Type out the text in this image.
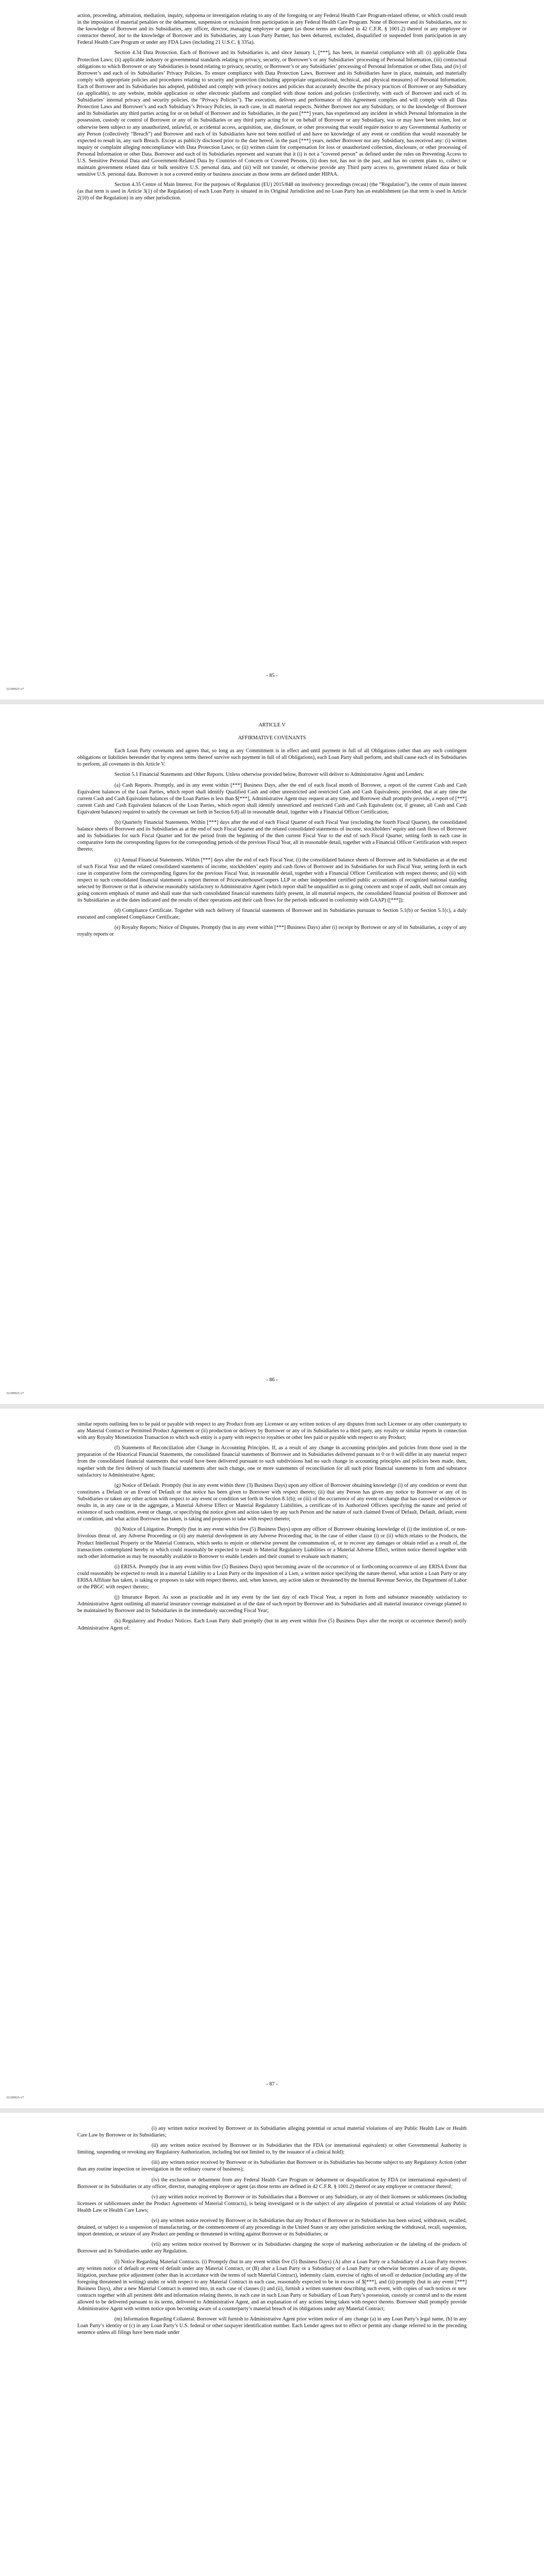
action, proceeding, arbitration, mediation, inquiry, subpoena or investigation relating to any of the foregoing or any Federal Health Care Program-related offense, or which could result in the imposition of material penalties or the debarment, suspension or exclusion from participation in any Federal Health Care Program. None of Borrower and its Subsidiaries, nor to the knowledge of Borrower and its Subsidiaries, any officer, director, managing employee or agent (as those terms are defined in 42 C.F.R. § 1001.2) thereof or any employee or contractor thereof, nor to the knowledge of Borrower and its Subsidiaries, any Loan Party Partner, has been debarred, excluded, disqualified or suspended from participation in any Federal Health Care Program or under any FDA Laws (including 21 U.S.C. § 335a).

Section 4.34 Data Protection. Each of Borrower and its Subsidiaries is, and since January 1, [***], has been, in material compliance with all: (i) applicable Data Protection Laws; (ii) applicable industry or governmental standards relating to privacy, security, or Borrower’s or any Subsidiaries’ processing of Personal Information, (iii) contractual obligations to which Borrower or any Subsidiaries is bound relating to privacy, security, or Borrower’s or any Subsidiaries’ processing of Personal Information or other Data, and (iv) of Borrower’s and each of its Subsidiaries’ Privacy Policies. To ensure compliance with Data Protection Laws, Borrower and its Subsidiaries have in place, maintain, and materially comply with appropriate policies and procedures relating to security and protection (including appropriate organizational, technical, and physical measures) of Personal Information. Each of Borrower and its Subsidiaries has adopted, published and comply with privacy notices and policies that accurately describe the privacy practices of Borrower or any Subsidiary (as applicable), to any website, mobile application or other electronic platform and complied with those notices and policies (collectively, with each of Borrower and each of its Subsidiaries’ internal privacy and security policies, the “Privacy Policies”). The execution, delivery and performance of this Agreement complies and will comply with all Data Protection Laws and Borrower’s and each Subsidiary’s Privacy Policies, in each case, in all material respects. Neither Borrower nor any Subsidiary, or to the knowledge of Borrower and its Subsidiaries any third parties acting for or on behalf of Borrower and its Subsidiaries, in the past [***] years, has experienced any incident in which Personal Information in the possession, custody or control of Borrower or any of its Subsidiaries or any third party acting for or on behalf of Borrower or any Subsidiary, was or may have been stolen, lost or otherwise been subject to any unauthorized, unlawful, or accidental access, acquisition, use, disclosure, or other processing that would require notice to any Governmental Authority or any Person (collectively “Breach”) and Borrower and each of its Subsidiaries have not been notified of and have no knowledge of any event or condition that would reasonably be expected to result in, any such Breach. Except as publicly disclosed prior to the date hereof, in the past [***] years, neither Borrower nor any Subsidiary, has received any: (i) written inquiry or complaint alleging noncompliance with Data Protection Laws; or (ii) written claim for compensation for loss or unauthorized collection, disclosure, or other processing of Personal Information or other Data. Borrower and each of its Subsidiaries represent and warrant that it (i) is not a “covered person” as defined under the rules on Preventing Access to U.S. Sensitive Personal Data and Government-Related Data by Countries of Concern or Covered Persons, (ii) does not, has not in the past, and has no current plans to, collect or maintain government related data or bulk sensitive U.S. personal data, and (iii) will not transfer, or otherwise provide any Third party access to, government related data or bulk sensitive U.S. personal data. Borrower is not a covered entity or business associate as those terms are defined under HIPAA.

Section 4.35 Centre of Main Interest. For the purposes of Regulation (EU) 2015/848 on insolvency proceedings (recast) (the “Regulation”), the centre of main interest (as that term is used in Article 3(1) of the Regulation) of each Loan Party is situated in its Original Jurisdiction and no Loan Party has an establishment (as that term is used in Article 2(10) of the Regulation) in any other jurisdiction.

- 85 -
32109925 v7
ARTICLE V
AFFIRMATIVE COVENANTS

Each Loan Party covenants and agrees that, so long as any Commitment is in effect and until payment in full of all Obligations (other than any such contingent obligations or liabilities hereunder that by express terms thereof survive such payment in full of all Obligations), each Loan Party shall perform, and shall cause each of its Subsidiaries to perform, all covenants in this Article V.

Section 5.1 Financial Statements and Other Reports. Unless otherwise provided below, Borrower will deliver to Administrative Agent and Lenders:

(a) Cash Reports. Promptly, and in any event within [***] Business Days, after the end of each fiscal month of Borrower, a report of the current Cash and Cash Equivalent balances of the Loan Parties, which report shall identify Qualified Cash and other unrestricted and restricted Cash and Cash Equivalents; provided, that at any time the current Cash and Cash Equivalent balances of the Loan Parties is less than $[***], Administrative Agent may request at any time, and Borrower shall promptly provide, a report of [***] current Cash and Cash Equivalent balances of the Loan Parties, which report shall identify unrestricted and restricted Cash and Cash Equivalents (or, if greater, all Cash and Cash Equivalent balances) required to satisfy the covenant set forth in Section 6.8) all in reasonable detail, together with a Financial Officer Certification;

(b) Quarterly Financial Statements. Within [***] days after the end of each Fiscal Quarter of each Fiscal Year (excluding the fourth Fiscal Quarter), the consolidated balance sheets of Borrower and its Subsidiaries as at the end of such Fiscal Quarter and the related consolidated statements of income, stockholders’ equity and cash flows of Borrower and its Subsidiaries for such Fiscal Quarter and for the period from the beginning of the then current Fiscal Year to the end of such Fiscal Quarter, setting forth in each case in comparative form the corresponding figures for the corresponding periods of the previous Fiscal Year, all in reasonable detail, together with a Financial Officer Certification with respect thereto;

(c) Annual Financial Statements. Within [***] days after the end of each Fiscal Year, (i) the consolidated balance sheets of Borrower and its Subsidiaries as at the end of such Fiscal Year and the related consolidated statements of income, stockholders’ equity and cash flows of Borrower and its Subsidiaries for such Fiscal Year, setting forth in each case in comparative form the corresponding figures for the previous Fiscal Year, in reasonable detail, together with a Financial Officer Certification with respect thereto; and (ii) with respect to such consolidated financial statements a report thereon of PricewaterhouseCoopers LLP or other independent certified public accountants of recognized national standing selected by Borrower or that is otherwise reasonably satisfactory to Administrative Agent (which report shall be unqualified as to going concern and scope of audit, shall not contain any going concern emphasis of matter and shall state that such consolidated financial statements fairly present, in all material respects, the consolidated financial position of Borrower and its Subsidiaries as at the dates indicated and the results of their operations and their cash flows for the periods indicated in conformity with GAAP) ([***]);

(d) Compliance Certificate. Together with each delivery of financial statements of Borrower and its Subsidiaries pursuant to Section 5.1(b) or Section 5.1(c), a duly executed and completed Compliance Certificate;

(e) Royalty Reports; Notice of Disputes. Promptly (but in any event within [***] Business Days) after (i) receipt by Borrower or any of its Subsidiaries, a copy of any royalty reports or

- 86 -
32109925 v7

similar reports outlining fees to be paid or payable with respect to any Product from any Licensee or any written notices of any disputes from such Licensee or any other counterparty to any Material Contract or Permitted Product Agreement or (ii) production or delivery by Borrower or any of its Subsidiaries to a third party, any royalty or similar reports in connection with any Royalty Monetization Transaction to which such entity is a party with respect to royalties or other fees paid or payable with respect to any Product;

(f) Statements of Reconciliation after Change in Accounting Principles. If, as a result of any change in accounting principles and policies from those used in the preparation of the Historical Financial Statements, the consolidated financial statements of Borrower and its Subsidiaries delivered pursuant to 0 or 0 will differ in any material respect from the consolidated financial statements that would have been delivered pursuant to such subdivisions had no such change in accounting principles and policies been made, then, together with the first delivery of such financial statements after such change, one or more statements of reconciliation for all such prior financial statements in form and substance satisfactory to Administrative Agent;

(g) Notice of Default. Promptly (but in any event within three (3) Business Days) upon any officer of Borrower obtaining knowledge (i) of any condition or event that constitutes a Default or an Event of Default or that notice has been given to Borrower with respect thereto; (ii) that any Person has given any notice to Borrower or any of its Subsidiaries or taken any other action with respect to any event or condition set forth in Section 8.1(b); or (iii) of the occurrence of any event or change that has caused or evidences or results in, in any case or in the aggregate, a Material Adverse Effect or Material Regulatory Liabilities, a certificate of its Authorized Officers specifying the nature and period of existence of such condition, event or change, or specifying the notice given and action taken by any such Person and the nature of such claimed Event of Default, Default, default, event or condition, and what action Borrower has taken, is taking and proposes to take with respect thereto;

(h) Notice of Litigation. Promptly (but in any event within five (5) Business Days) upon any officer of Borrower obtaining knowledge of (i) the institution of, or non-frivolous threat of, any Adverse Proceeding or (ii) any material development in any Adverse Proceeding that, in the case of either clause (i) or (ii) which relates to the Products, the Product Intellectual Property or the Material Contracts, which seeks to enjoin or otherwise prevent the consummation of, or to recover any damages or obtain relief as a result of, the transactions contemplated hereby or which could reasonably be expected to result in Material Regulatory Liabilities or a Material Adverse Effect, written notice thereof together with such other information as may be reasonably available to Borrower to enable Lenders and their counsel to evaluate such matters;

(i) ERISA. Promptly (but in any event within five (5) Business Days) upon becoming aware of the occurrence of or forthcoming occurrence of any ERISA Event that could reasonably be expected to result in a material Liability to a Loan Party or the imposition of a Lien, a written notice specifying the nature thereof, what action a Loan Party or any ERISA Affiliate has taken, is taking or proposes to take with respect thereto, and, when known, any action taken or threatened by the Internal Revenue Service, the Department of Labor or the PBGC with respect thereto;

(j) Insurance Report. As soon as practicable and in any event by the last day of each Fiscal Year, a report in form and substance reasonably satisfactory to Administrative Agent outlining all material insurance coverage maintained as of the date of such report by Borrower and its Subsidiaries and all material insurance coverage planned to be maintained by Borrower and its Subsidiaries in the immediately succeeding Fiscal Year;

(k) Regulatory and Product Notices. Each Loan Party shall promptly (but in any event within five (5) Business Days after the receipt or occurrence thereof) notify Administrative Agent of:

- 87 -
32109925 v7

(i) any written notice received by Borrower or its Subsidiaries alleging potential or actual material violations of any Public Health Law or Health Care Law by Borrower or its Subsidiaries;

(ii) any written notice received by Borrower or its Subsidiaries that the FDA (or international equivalent) or other Governmental Authority is limiting, suspending or revoking any Regulatory Authorization, including but not limited to, by the issuance of a clinical hold);

(iii) any written notice received by Borrower or its Subsidiaries that Borrower or its Subsidiaries has become subject to any Regulatory Action (other than any routine inspection or investigation in the ordinary course of business);

(iv) the exclusion or debarment from any Federal Health Care Program or debarment or disqualification by FDA (or international equivalent) of Borrower or its Subsidiaries or any officer, director, managing employee or agent (as those terms are defined in 42 C.F.R. § 1001.2) thereof or any employee or contractor thereof;

(v) any written notice received by Borrower or its Subsidiaries that a Borrower or any Subsidiary, or any of their licensees or sublicensees (including licensees or sublicensees under the Product Agreements of Material Contracts), is being investigated or is the subject of any allegation of potential or actual violations of any Public Health Law or Health Care Laws;

(vi) any written notice received by Borrower or its Subsidiaries that any Product of Borrower or its Subsidiaries has been seized, withdrawn, recalled, detained, or subject to a suspension of manufacturing, or the commencement of any proceedings in the United States or any other jurisdiction seeking the withdrawal, recall, suspension, import detention, or seizure of any Product are pending or threatened in writing against Borrower or its Subsidiaries; or

(vii) any written notice received by Borrower or its Subsidiaries changing the scope of marketing authorization or the labeling of the products of Borrower and its Subsidiaries under any Regulation.

(l) Notice Regarding Material Contracts. (i) Promptly (but in any event within five (5) Business Days) (A) after a Loan Party or a Subsidiary of a Loan Party receives any written notice of default or event of default under any Material Contract, or (B) after a Loan Party or a Subsidiary of a Loan Party or otherwise becomes aware of any dispute, litigation, purchase price adjustment (other than in accordance with the terms of such Material Contract), indemnity claim, exercise of rights of set-off or deduction (including any of the foregoing threatened in writing) under or with respect to any Material Contract in each case, reasonably expected to be in excess of $[***], and (ii) promptly (but in any event [***] Business Days), after a new Material Contract is entered into, in each case of clauses (i) and (ii), furnish a written statement describing such event, with copies of such notices or new contracts together with all pertinent debt and information relating thereto, in each case in such Loan Party or Subsidiary of Loan Party’s possession, custody or control and to the extent allowed to be delivered pursuant to its terms, delivered to Administrative Agent, and an explanation of any actions being taken with respect thereto. Borrower shall promptly provide Administrative Agent with written notice upon becoming aware of a counterparty’s material breach of its obligations under any Material Contract;

(m) Information Regarding Collateral. Borrower will furnish to Administrative Agent prior written notice of any change (a) in any Loan Party’s legal name, (b) in any Loan Party’s identity or (c) in any Loan Party’s U.S. federal or other taxpayer identification number. Each Lender agrees not to effect or permit any change referred to in the preceding sentence unless all filings have been made under
